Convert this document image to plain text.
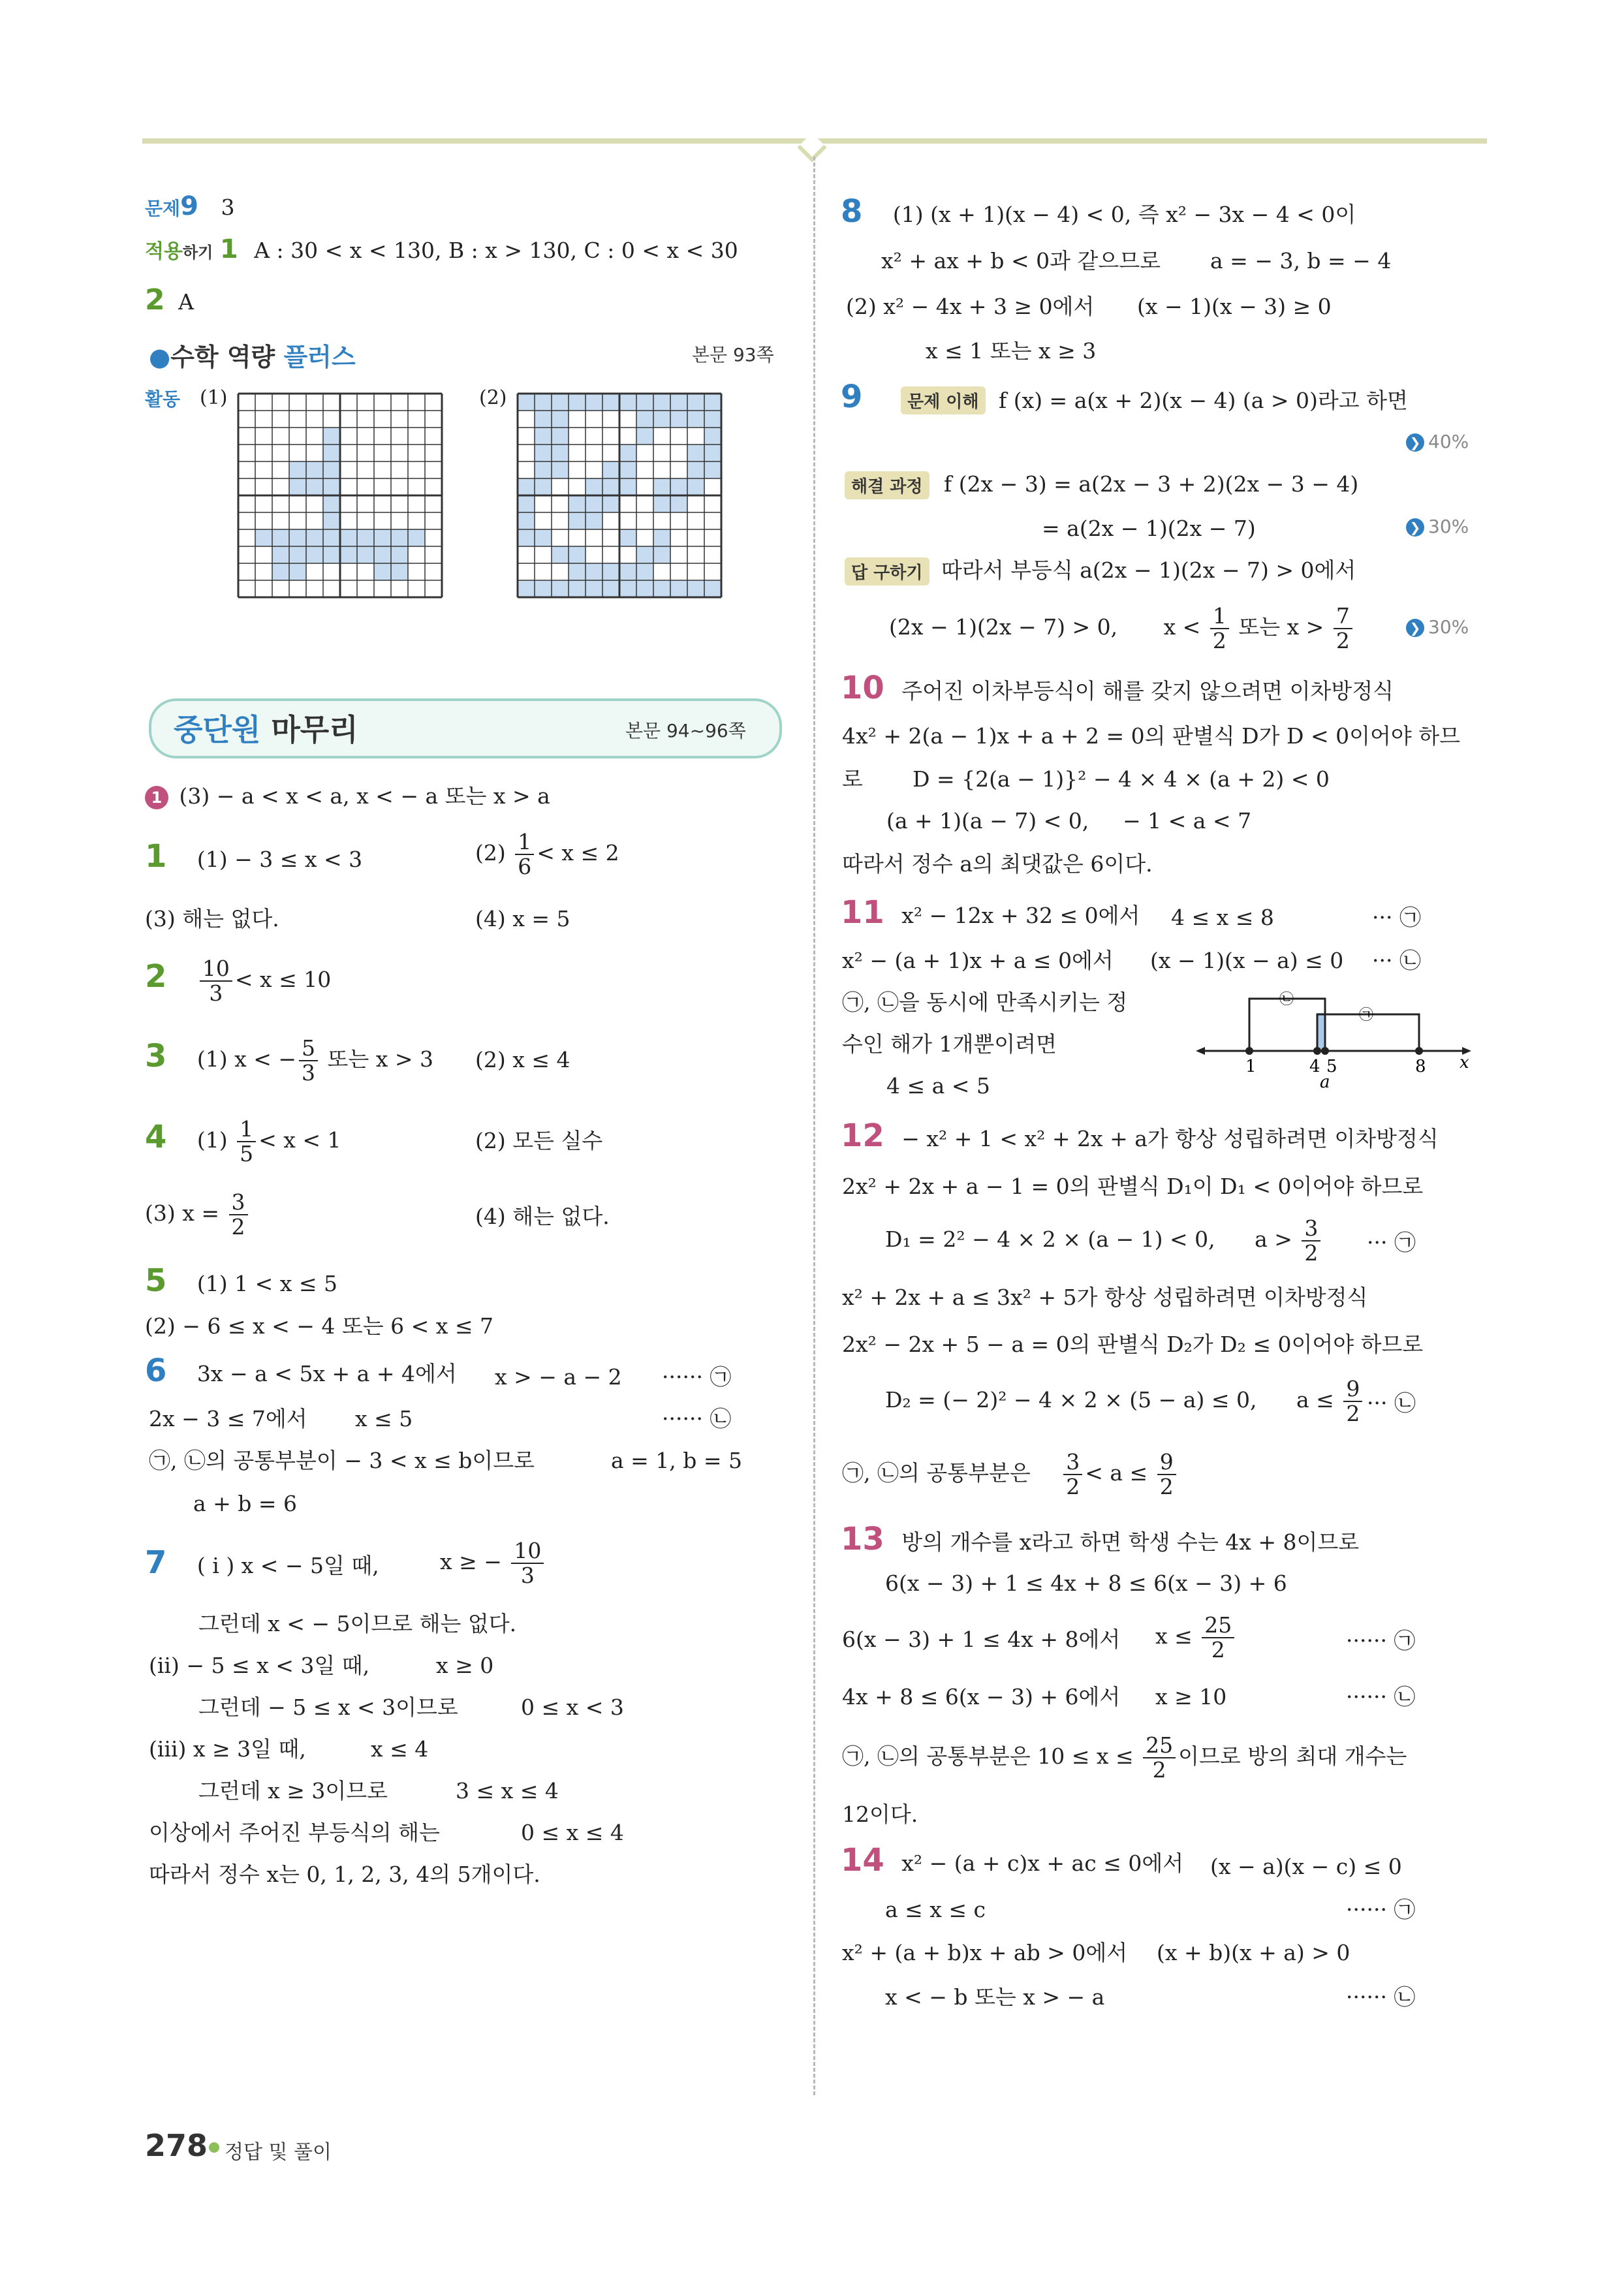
문제9 3
적용하기 1 A : 30 < x < 130, B : x > 130, C : 0 < x < 30
2 A
●수학 역량 플러스	본문 93쪽
활동 (1)	(2)
중단원 마무리	본문 94~96쪽
1 (3) − a < x < a, x < − a 또는 x > a
1 (1) − 3 ≤ x < 3	$(2) \frac{1}{6} < x \le 2$
(3) 해는 없다.	(4) x = 5
$2 \frac{10}{3} < x \le 10$
3 (1) x < − $\frac{5}{3}$ 또는 x > 3 (2) x ≤ 4
4 $(1) \frac{1}{5} < x < 1$	(2) 모든 실수
(3) $x = \frac{3}{2}$	(4) 해는 없다.
5 (1) 1 < x ≤ 5
(2) − 6 ≤ x < − 4 또는 6 < x ≤ 7
6 3x − a < 5x + a + 4에서 x > − a − 2 ······ ㉠
2x − 3 ≤ 7에서 x ≤ 5	······ ㉡
㉠, ㉡의 공통부분이 − 3 < x ≤ b이므로	a = 1, b = 5
a + b = 6
7 ( i ) x < − 5일 때,	x ≥ − $\frac{10}{3}$
그런데 x < − 5이므로 해는 없다.
(ii) − 5 ≤ x < 3일 때,	x ≥ 0
그런데 − 5 ≤ x < 3이므로	0 ≤ x < 3
(iii) x ≥ 3일 때,	x ≤ 4
그런데 x ≥ 3이므로	3 ≤ x ≤ 4
이상에서 주어진 부등식의 해는	0 ≤ x ≤ 4
따라서 정수 x는 0, 1, 2, 3, 4의 5개이다.
8 (1) (x + 1)(x − 4) < 0, 즉 x² − 3x − 4 < 0이
x² + ax + b < 0과 같으므로 a = − 3, b = − 4
(2) x² − 4x + 3 ≥ 0에서 (x − 1)(x − 3) ≥ 0
x ≤ 1 또는 x ≥ 3
9	문제 이해 f (x) = a(x + 2)(x − 4) (a > 0)라고 하면
❯ 40%
해결 과정 f (2x − 3) = a(2x − 3 + 2)(2x − 3 − 4)
= a(2x − 1)(2x − 7)	❯ 30%
답 구하기 따라서 부등식 a(2x − 1)(2x − 7) > 0에서
(2x − 1)(2x − 7) > 0, $x < \frac{1}{2}$ 또는 $x > \frac{7}{2}$	❯ 30%
10 주어진 이차부등식이 해를 갖지 않으려면 이차방정식
4x² + 2(a − 1)x + a + 2 = 0의 판별식 D가 D < 0이어야 하므
로 D = {2(a − 1)}² − 4 × 4 × (a + 2) < 0
(a + 1)(a − 7) < 0, − 1 < a < 7
따라서 정수 a의 최댓값은 6이다.
11 x² − 12x + 32 ≤ 0에서 4 ≤ x ≤ 8	··· ㉠
x² − (a + 1)x + a ≤ 0에서 (x − 1)(x − a) ≤ 0 ··· ㉡
㉠, ㉡을 동시에 만족시키는 정
수인 해가 1개뿐이려면
4 ≤ a < 5
1	4 5	8 x
a
㉡
㉠
12 − x² + 1 < x² + 2x + a가 항상 성립하려면 이차방정식
2x² + 2x + a − 1 = 0의 판별식 D₁이 D₁ < 0이어야 하므로
D₁ = 2² − 4 × 2 × (a − 1) < 0, $a > \frac{3}{2}$ ··· ㉠
x² + 2x + a ≤ 3x² + 5가 항상 성립하려면 이차방정식
2x² − 2x + 5 − a = 0의 판별식 D₂가 D₂ ≤ 0이어야 하므로
D₂ = (− 2)² − 4 × 2 × (5 − a) ≤ 0, $a \le \frac{9}{2}$ ··· ㉡
㉠, ㉡의 공통부분은 $\frac{3}{2} < a \le \frac{9}{2}$
13 방의 개수를 x라고 하면 학생 수는 4x + 8이므로
6(x − 3) + 1 ≤ 4x + 8 ≤ 6(x − 3) + 6
6(x − 3) + 1 ≤ 4x + 8에서 $x \le \frac{25}{2}$	······ ㉠
4x + 8 ≤ 6(x − 3) + 6에서 x ≥ 10	······ ㉡
㉠, ㉡의 공통부분은 $10 \le x \le \frac{25}{2}$ 이므로 방의 최대 개수는
12이다.
14 x² − (a + c)x + ac ≤ 0에서 (x − a)(x − c) ≤ 0
a ≤ x ≤ c	······ ㉠
x² + (a + b)x + ab > 0에서 (x + b)(x + a) > 0
x < − b 또는 x > − a	······ ㉡
278 정답 및 풀이
